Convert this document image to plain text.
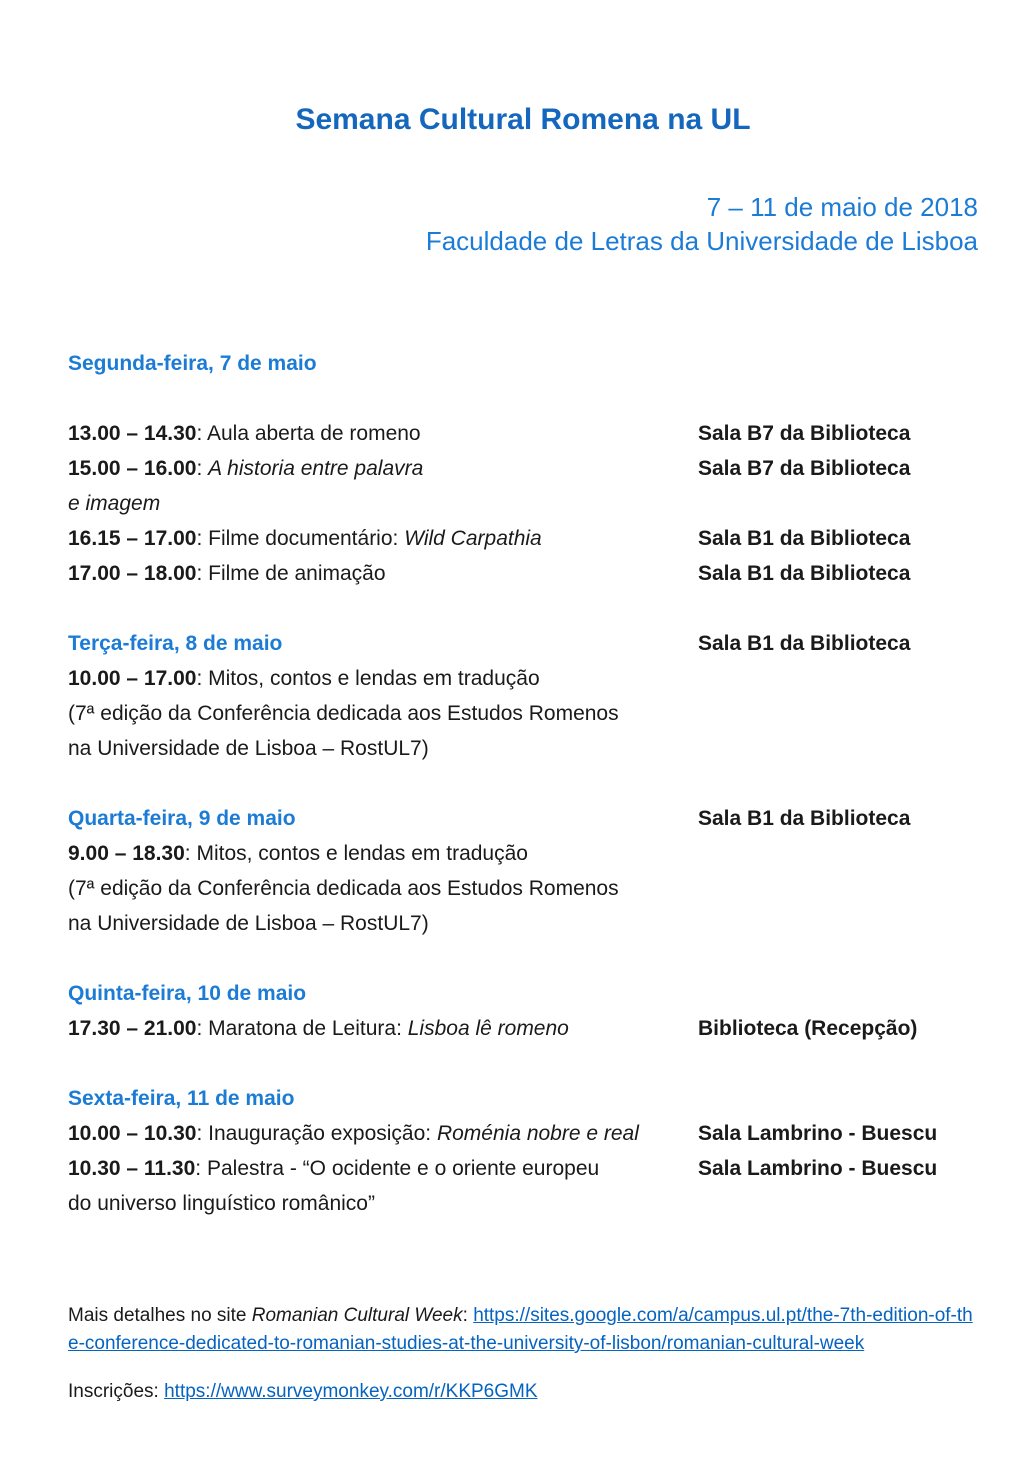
Semana Cultural Romena na UL
7 – 11 de maio de 2018
Faculdade de Letras da Universidade de Lisboa
Segunda-feira, 7 de maio
13.00 – 14.30: Aula aberta de romeno	Sala B7 da Biblioteca
15.00 – 16.00: A historia entre palavra	Sala B7 da Biblioteca
e imagem
16.15 – 17.00: Filme documentário: Wild Carpathia	Sala B1 da Biblioteca
17.00 – 18.00: Filme de animação	Sala B1 da Biblioteca
Terça-feira, 8 de maio	Sala B1 da Biblioteca
10.00 – 17.00: Mitos, contos e lendas em tradução
(7ª edição da Conferência dedicada aos Estudos Romenos
na Universidade de Lisboa – RostUL7)
Quarta-feira, 9 de maio	Sala B1 da Biblioteca
9.00 – 18.30: Mitos, contos e lendas em tradução
(7ª edição da Conferência dedicada aos Estudos Romenos
na Universidade de Lisboa – RostUL7)
Quinta-feira, 10 de maio
17.30 – 21.00: Maratona de Leitura: Lisboa lê romeno	Biblioteca (Recepção)
Sexta-feira, 11 de maio
10.00 – 10.30: Inauguração exposição: Roménia nobre e real	Sala Lambrino - Buescu
10.30 – 11.30: Palestra - “O ocidente e o oriente europeu	Sala Lambrino - Buescu
do universo linguístico românico”

Mais detalhes no site Romanian Cultural Week: https://sites.google.com/a/campus.ul.pt/the-7th-edition-of-the-conference-dedicated-to-romanian-studies-at-the-university-of-lisbon/romanian-cultural-week

Inscrições: https://www.surveymonkey.com/r/KKP6GMK
